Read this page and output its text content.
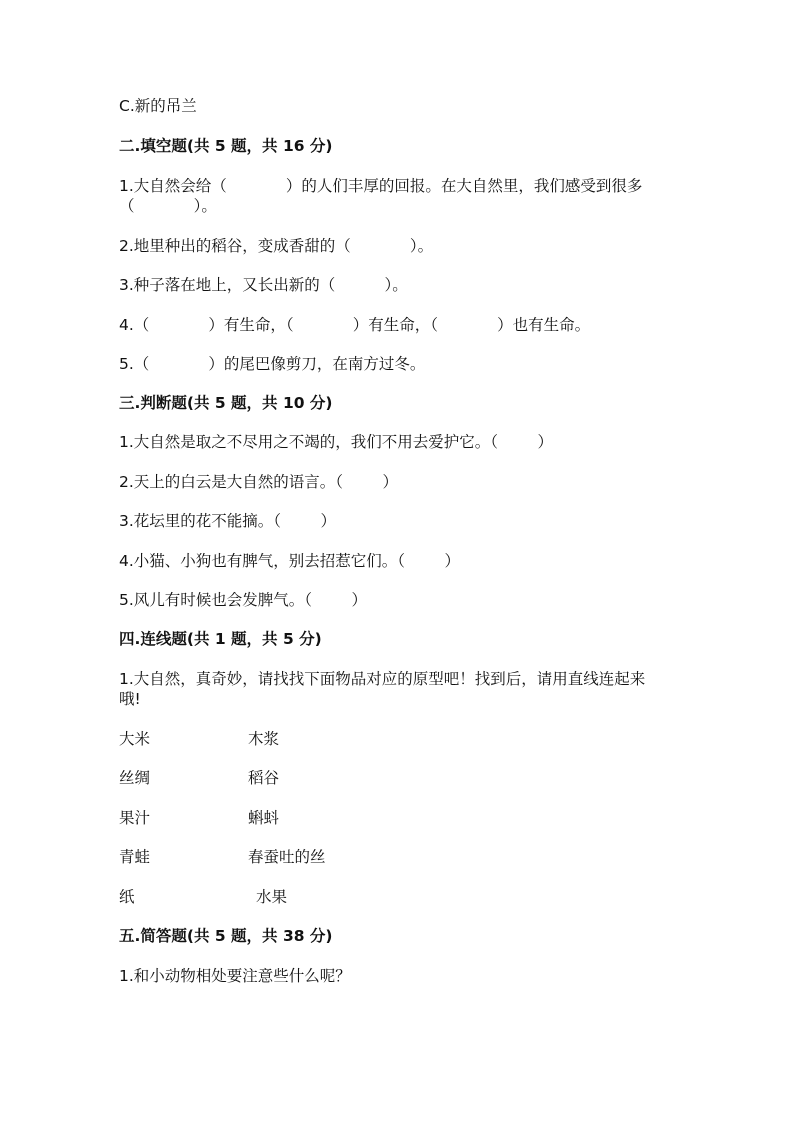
C.新的吊兰

二.填空题(共 5 题，共 16 分)

1.大自然会给（            ）的人们丰厚的回报。在大自然里，我们感受到很多

（            ）。

2.地里种出的稻谷，变成香甜的（            ）。

3.种子落在地上，又长出新的（          ）。

4.（            ）有生命，（            ）有生命，（            ）也有生命。

5.（            ）的尾巴像剪刀，在南方过冬。

三.判断题(共 5 题，共 10 分)

1.大自然是取之不尽用之不竭的，我们不用去爱护它。（        ）

2.天上的白云是大自然的语言。（        ）

3.花坛里的花不能摘。（        ）

4.小猫、小狗也有脾气，别去招惹它们。（        ）

5.风儿有时候也会发脾气。（        ）

四.连线题(共 1 题，共 5 分)

1.大自然，真奇妙，请找找下面物品对应的原型吧！找到后，请用直线连起来

哦!

大米	木浆
丝绸	稻谷
果汁	蝌蚪
青蛙	春蚕吐的丝
纸	水果

五.简答题(共 5 题，共 38 分)

1.和小动物相处要注意些什么呢？
